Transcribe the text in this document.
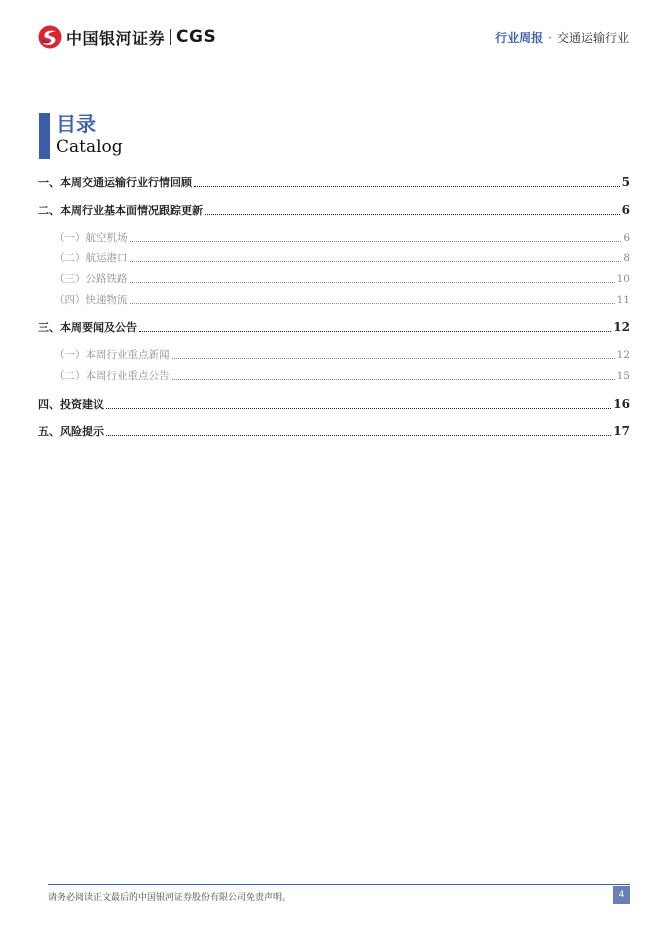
中国银河证券 CGS	行业周报 · 交通运输行业
目录
Catalog
一、本周交通运输行业行情回顾	5
二、本周行业基本面情况跟踪更新	6
（一）航空机场	6
（二）航运港口	8
（三）公路铁路	10
（四）快递物流	11
三、本周要闻及公告	12
（一）本周行业重点新闻	12
（二）本周行业重点公告	15
四、投资建议	16
五、风险提示	17
请务必阅读正文最后的中国银河证券股份有限公司免责声明。	4
